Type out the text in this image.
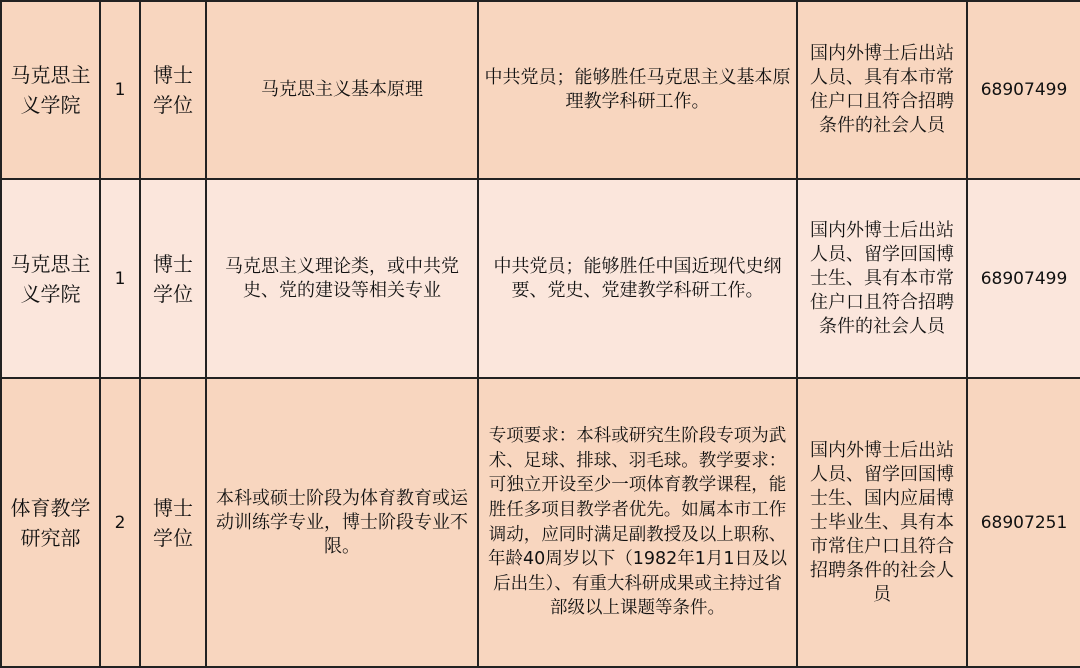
马克思主义学院	1	博士学位	马克思主义基本原理	中共党员；能够胜任马克思主义基本原理教学科研工作。	国内外博士后出站人员、具有本市常住户口且符合招聘条件的社会人员	68907499
马克思主义学院	1	博士学位	马克思主义理论类，或中共党史、党的建设等相关专业	中共党员；能够胜任中国近现代史纲要、党史、党建教学科研工作。	国内外博士后出站人员、留学回国博士生、具有本市常住户口且符合招聘条件的社会人员	68907499
体育教学研究部	2	博士学位	本科或硕士阶段为体育教育或运动训练学专业，博士阶段专业不限。	专项要求：本科或研究生阶段专项为武术、足球、排球、羽毛球。教学要求：可独立开设至少一项体育教学课程，能胜任多项目教学者优先。如属本市工作调动，应同时满足副教授及以上职称、年龄40周岁以下（1982年1月1日及以后出生）、有重大科研成果或主持过省部级以上课题等条件。	国内外博士后出站人员、留学回国博士生、国内应届博士毕业生、具有本市常住户口且符合招聘条件的社会人员	68907251
